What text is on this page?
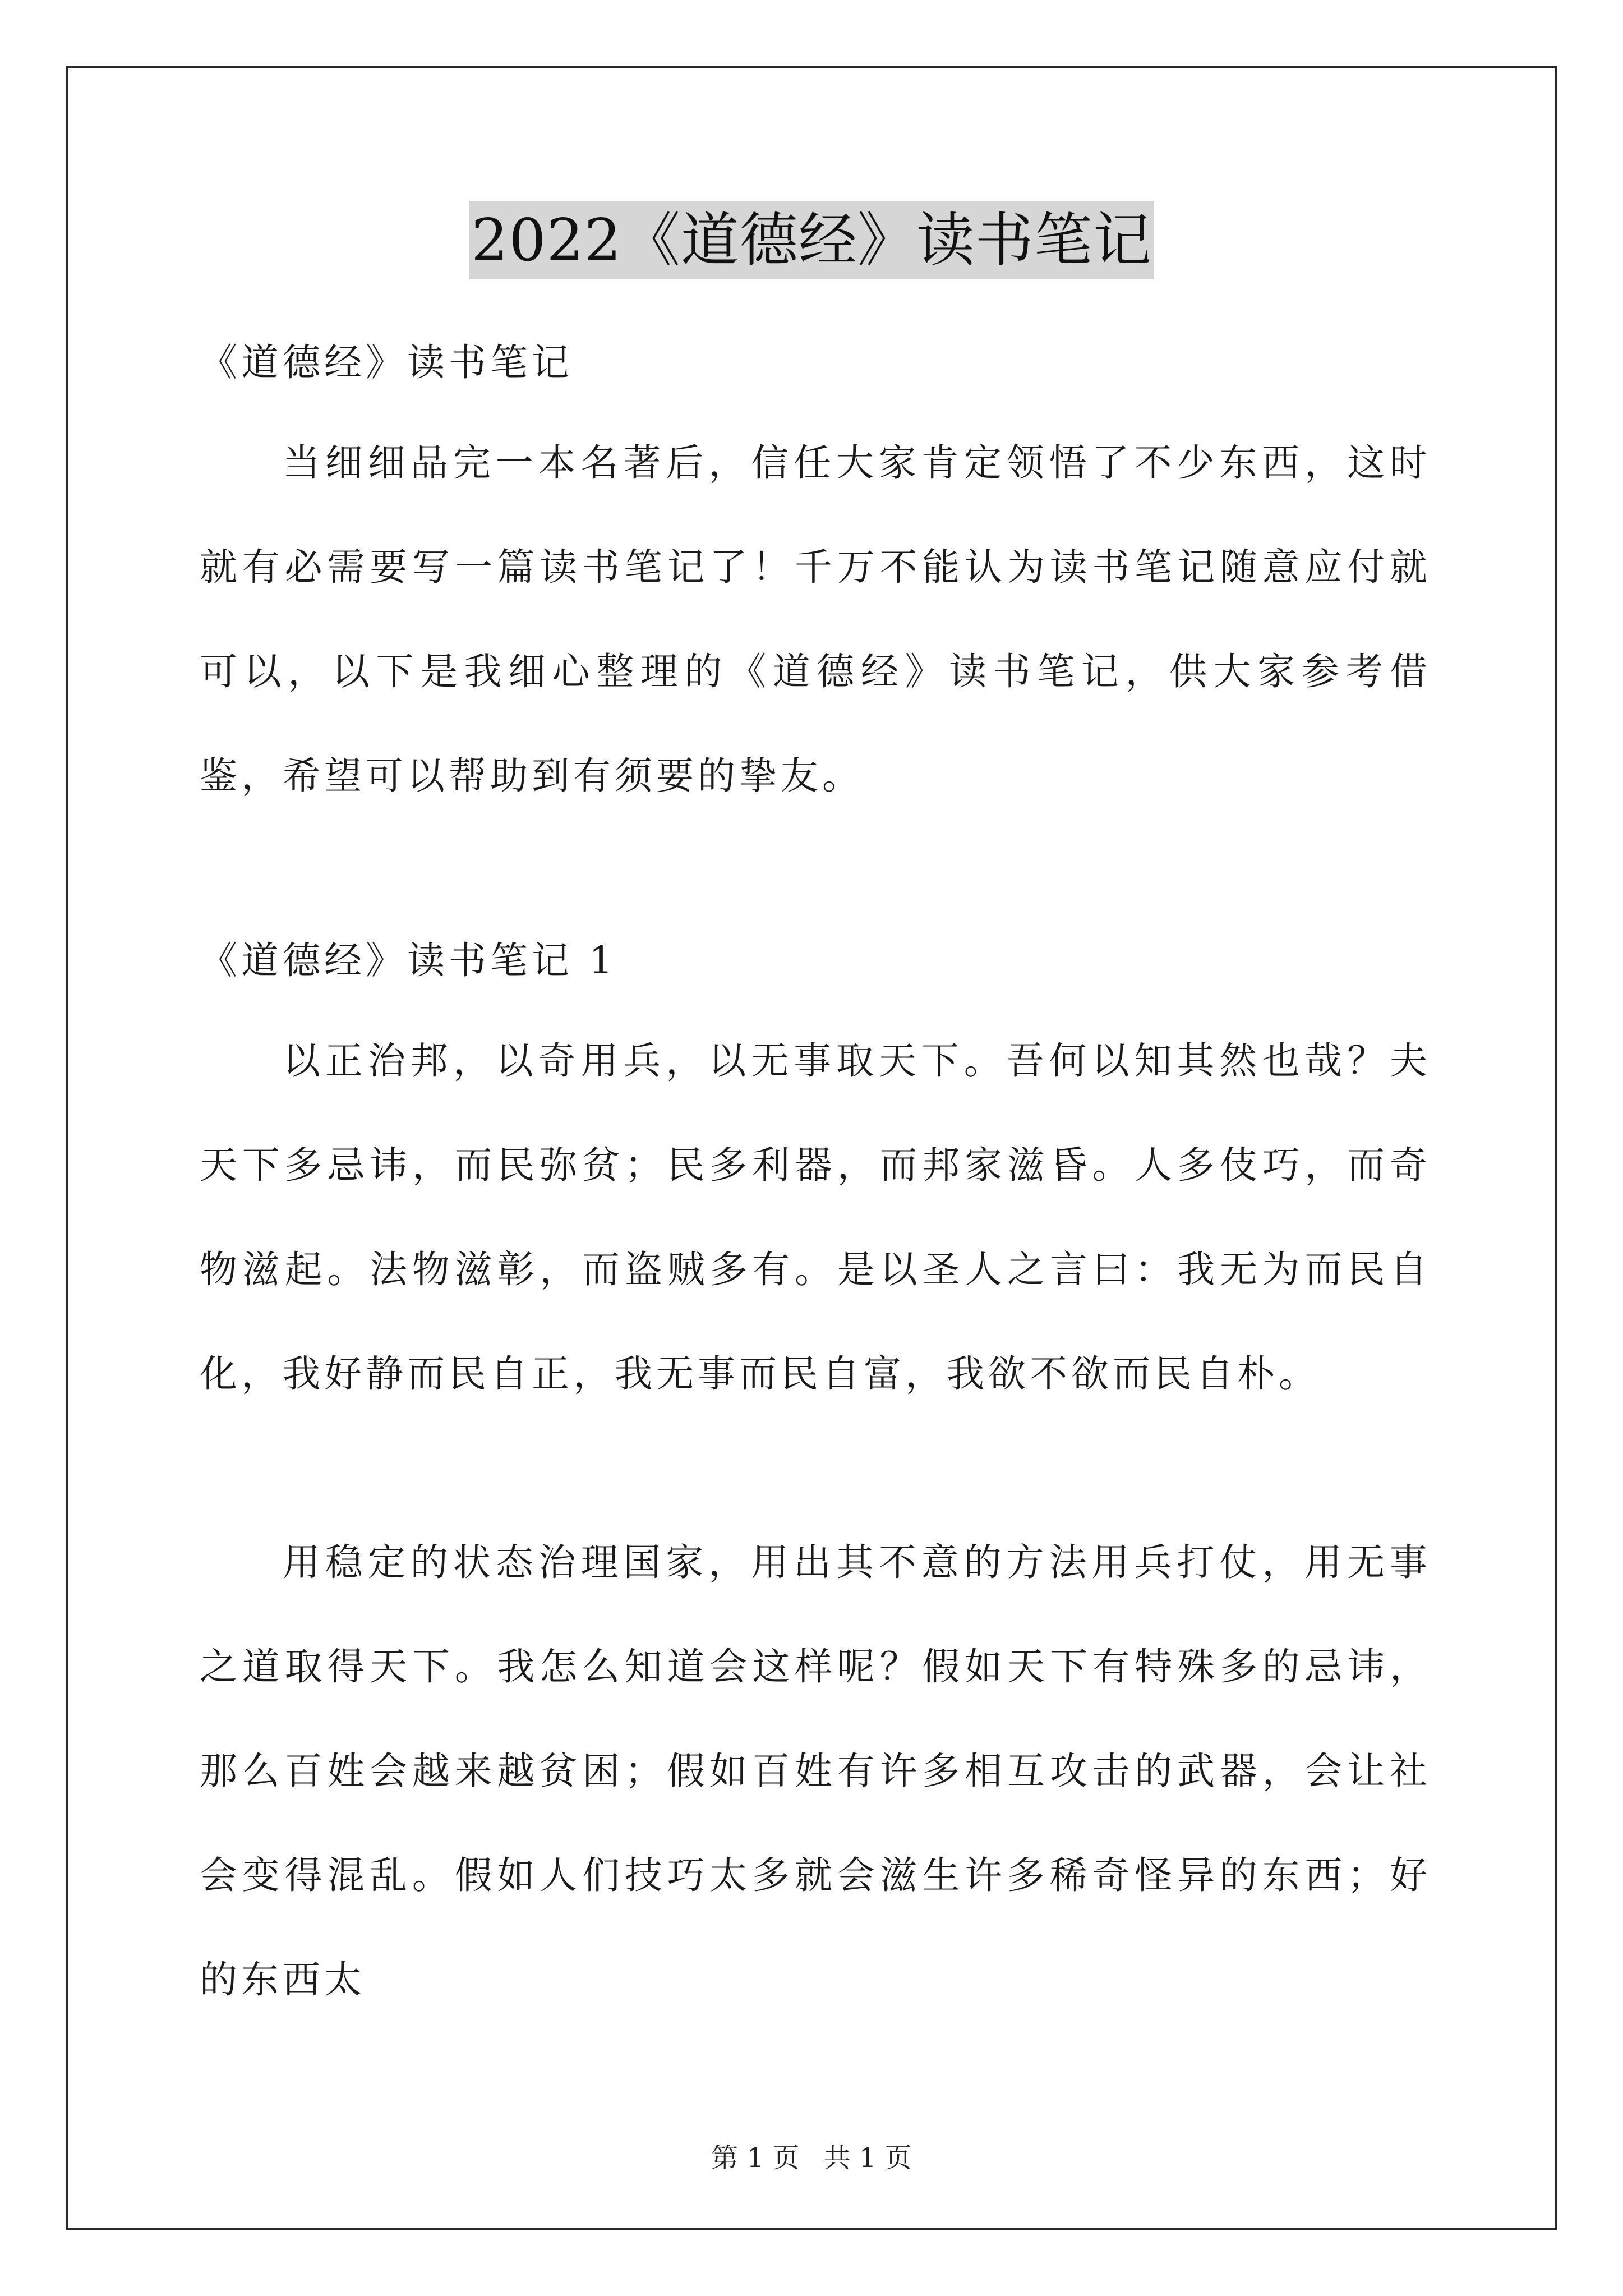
2022《道德经》读书笔记
《道德经》读书笔记

当细细品完一本名著后，信任大家肯定领悟了不少东西，这时就有必需要写一篇读书笔记了！千万不能认为读书笔记随意应付就可以，以下是我细心整理的《道德经》读书笔记，供大家参考借鉴，希望可以帮助到有须要的挚友。

《道德经》读书笔记 1

以正治邦，以奇用兵，以无事取天下。吾何以知其然也哉？夫天下多忌讳，而民弥贫；民多利器，而邦家滋昏。人多伎巧，而奇物滋起。法物滋彰，而盗贼多有。是以圣人之言曰：我无为而民自化，我好静而民自正，我无事而民自富，我欲不欲而民自朴。

用稳定的状态治理国家，用出其不意的方法用兵打仗，用无事之道取得天下。我怎么知道会这样呢？假如天下有特殊多的忌讳，那么百姓会越来越贫困；假如百姓有许多相互攻击的武器，会让社会变得混乱。假如人们技巧太多就会滋生许多稀奇怪异的东西；好的东西太

第 1 页 共 1 页
